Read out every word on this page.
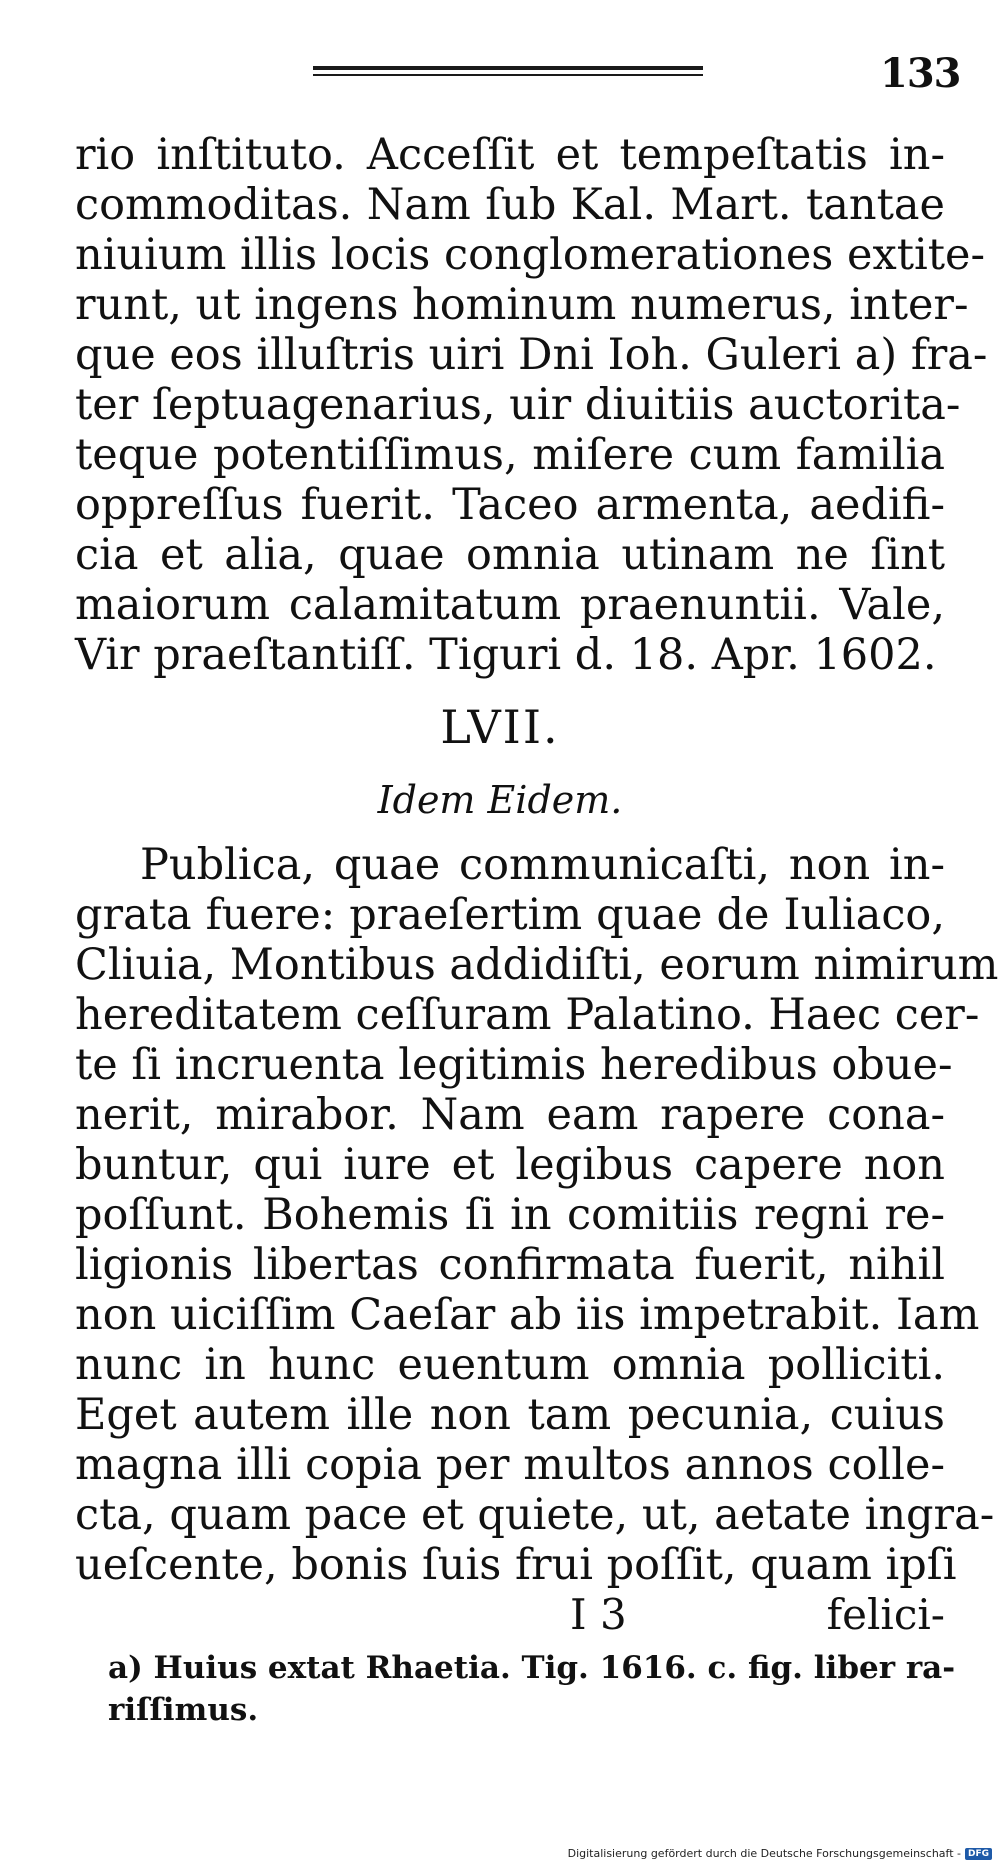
133
rio inſtituto. Acceſſit et tempeſtatis in-
commoditas. Nam ſub Kal. Mart. tantae
niuium illis locis conglomerationes extite-
runt, ut ingens hominum numerus, inter-
que eos illuſtris uiri Dni Ioh. Guleri a) fra-
ter ſeptuagenarius, uir diuitiis auctorita-
teque potentiſſimus, miſere cum familia
oppreſſus fuerit. Taceo armenta, aedifi-
cia et alia, quae omnia utinam ne ſint
maiorum calamitatum praenuntii. Vale,
Vir praeſtantiſſ. Tiguri d. 18. Apr. 1602.
LVII.
Idem Eidem.
Publica, quae communicaſti, non in-
grata fuere: praeſertim quae de Iuliaco,
Cliuia, Montibus addidiſti, eorum nimirum
hereditatem ceſſuram Palatino. Haec cer-
te ſi incruenta legitimis heredibus obue-
nerit, mirabor. Nam eam rapere cona-
buntur, qui iure et legibus capere non
poſſunt. Bohemis ſi in comitiis regni re-
ligionis libertas confirmata fuerit, nihil
non uiciſſim Caeſar ab iis impetrabit. Iam
nunc in hunc euentum omnia polliciti.
Eget autem ille non tam pecunia, cuius
magna illi copia per multos annos colle-
cta, quam pace et quiete, ut, aetate ingra-
ueſcente, bonis ſuis frui poſſit, quam ipſi
I 3	felici-
a) Huius extat Rhaetia. Tig. 1616. c. fig. liber ra-
riſſimus.
Digitalisierung gefördert durch die Deutsche Forschungsgemeinschaft - DFG
